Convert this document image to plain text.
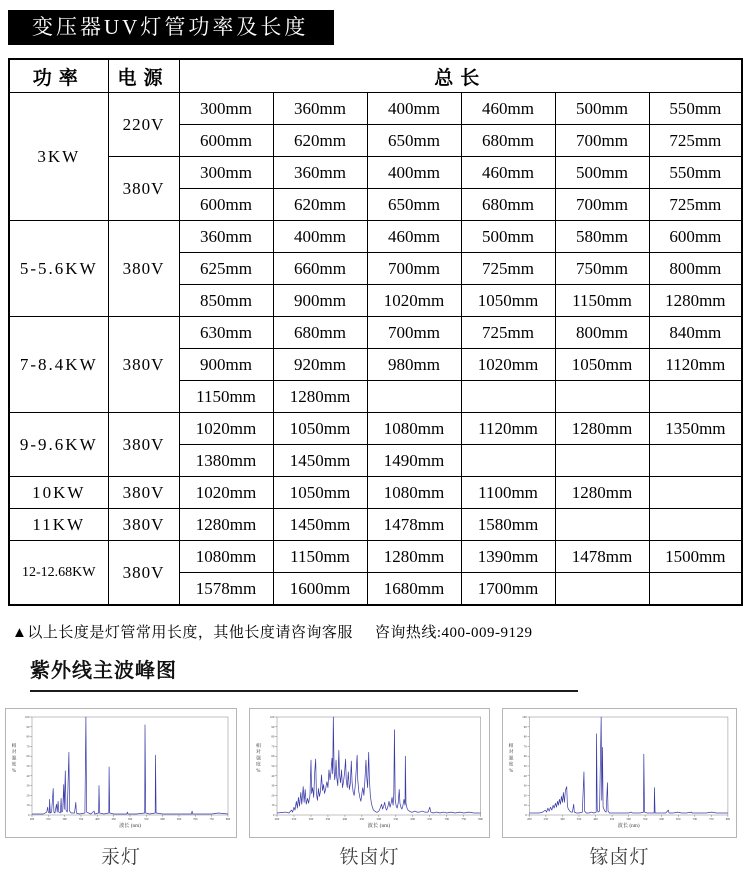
变压器UV灯管功率及长度
功率	电源	总长					
3KW	220V	300mm	360mm	400mm	460mm	500mm	550mm
		600mm	620mm	650mm	680mm	700mm	725mm
	380V	300mm	360mm	400mm	460mm	500mm	550mm
		600mm	620mm	650mm	680mm	700mm	725mm
5-5.6KW	380V	360mm	400mm	460mm	500mm	580mm	600mm
		625mm	660mm	700mm	725mm	750mm	800mm
		850mm	900mm	1020mm	1050mm	1150mm	1280mm
7-8.4KW	380V	630mm	680mm	700mm	725mm	800mm	840mm
		900mm	920mm	980mm	1020mm	1050mm	1120mm
		1150mm	1280mm				
9-9.6KW	380V	1020mm	1050mm	1080mm	1120mm	1280mm	1350mm
		1380mm	1450mm	1490mm			
10KW	380V	1020mm	1050mm	1080mm	1100mm	1280mm	
11KW	380V	1280mm	1450mm	1478mm	1580mm		
12-12.68KW	380V	1080mm	1150mm	1280mm	1390mm	1478mm	1500mm
		1578mm	1600mm	1680mm	1700mm		
▲以上长度是灯管常用长度，其他长度请咨询客服 咨询热线:400-009-9129
紫外线主波峰图
200	250	300	350	400	450	500	550	600	650	700	750	800
0
10
20
30
40
50
60
70
80
90
100
波长 (nm)
相对强度%
汞灯
200	250	300	350	400	450	500	550	600	650	700	750	800
0
10
20
30
40
50
60
70
80
90
100
波长 (nm)
相对强度%
铁卤灯
200	250	300	350	400	450	500	550	600	650	700	750	800
0
10
20
30
40
50
60
70
80
90
100
波长 (nm)
相对强度%
镓卤灯
